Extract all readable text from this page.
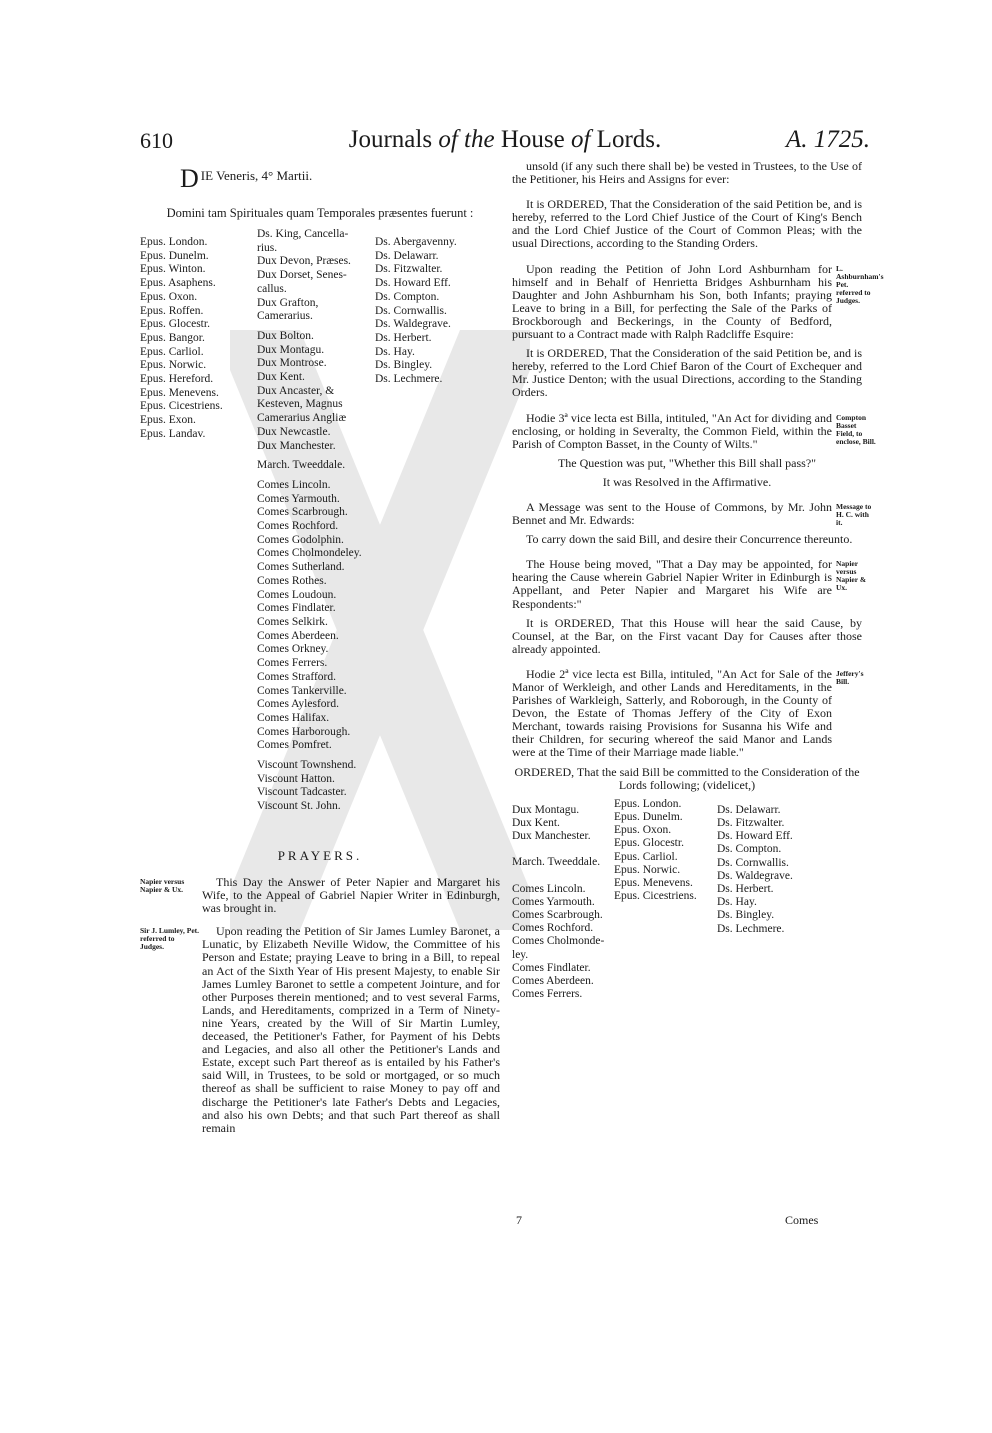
610	Journals of the House of Lords.	A. 1725.
D IE Veneris, 4° Martii.
Domini tam Spirituales quam Temporales præsentes fuerunt :
Epus. London.
Epus. Dunelm.
Epus. Winton.
Epus. Asaphens.
Epus. Oxon.
Epus. Roffen.
Epus. Glocestr.
Epus. Bangor.
Epus. Carliol.
Epus. Norwic.
Epus. Hereford.
Epus. Menevens.
Epus. Cicestriens.
Epus. Exon.
Epus. Landav.
Ds. King, Cancella-
rius.
Dux Devon, Præses.
Dux Dorset, Senes-
callus.
Dux Grafton,
Camerarius.
Dux Bolton.
Dux Montagu.
Dux Montrose.
Dux Kent.
Dux Ancaster, &
Kesteven, Magnus
Camerarius Angliæ
Dux Newcastle.
Dux Manchester.
March. Tweeddale.
Comes Lincoln.
Comes Yarmouth.
Comes Scarbrough.
Comes Rochford.
Comes Godolphin.
Comes Cholmondeley.
Comes Sutherland.
Comes Rothes.
Comes Loudoun.
Comes Findlater.
Comes Selkirk.
Comes Aberdeen.
Comes Orkney.
Comes Ferrers.
Comes Strafford.
Comes Tankerville.
Comes Aylesford.
Comes Halifax.
Comes Harborough.
Comes Pomfret.
Viscount Townshend.
Viscount Hatton.
Viscount Tadcaster.
Viscount St. John.
Ds. Abergavenny.
Ds. Delawarr.
Ds. Fitzwalter.
Ds. Howard Eff.
Ds. Compton.
Ds. Cornwallis.
Ds. Waldegrave.
Ds. Herbert.
Ds. Hay.
Ds. Bingley.
Ds. Lechmere.
PRAYERS.
Napier versus Napier & Ux.
This Day the Answer of Peter Napier and Margaret his Wife, to the Appeal of Gabriel Napier Writer in Edinburgh, was brought in.
Sir J. Lumley, Pet. referred to Judges.
Upon reading the Petition of Sir James Lumley Baronet, a Lunatic, by Elizabeth Neville Widow, the Committee of his Person and Estate; praying Leave to bring in a Bill, to repeal an Act of the Sixth Year of His present Majesty, to enable Sir James Lumley Baronet to settle a competent Jointure, and for other Purposes therein mentioned; and to vest several Farms, Lands, and Hereditaments, comprized in a Term of Ninety-nine Years, created by the Will of Sir Martin Lumley, deceased, the Petitioner's Father, for Payment of his Debts and Legacies, and also all other the Petitioner's Lands and Estate, except such Part thereof as is entailed by his Father's said Will, in Trustees, to be sold or mortgaged, or so much thereof as shall be sufficient to raise Money to pay off and discharge the Petitioner's late Father's Debts and Legacies, and also his own Debts; and that such Part thereof as shall remain
unsold (if any such there shall be) be vested in Trustees, to the Use of the Petitioner, his Heirs and Assigns for ever:
It is ORDERED, That the Consideration of the said Petition be, and is hereby, referred to the Lord Chief Justice of the Court of King's Bench and the Lord Chief Justice of the Court of Common Pleas; with the usual Directions, according to the Standing Orders.
L. Ashburnham's Pet. referred to Judges.
Upon reading the Petition of John Lord Ashburnham for himself and in Behalf of Henrietta Bridges Ashburnham his Daughter and John Ashburnham his Son, both Infants; praying Leave to bring in a Bill, for perfecting the Sale of the Parks of Brockborough and Beckerings, in the County of Bedford, pursuant to a Contract made with Ralph Radcliffe Esquire:
It is ORDERED, That the Consideration of the said Petition be, and is hereby, referred to the Lord Chief Baron of the Court of Exchequer and Mr. Justice Denton; with the usual Directions, according to the Standing Orders.
Compton Basset Field, to enclose, Bill.
Hodie 3ª vice lecta est Billa, intituled, "An Act for dividing and enclosing, or holding in Severalty, the Common Field, within the Parish of Compton Basset, in the County of Wilts."
The Question was put, "Whether this Bill shall pass?"
It was Resolved in the Affirmative.
Message to H. C. with it.
A Message was sent to the House of Commons, by Mr. John Bennet and Mr. Edwards:
To carry down the said Bill, and desire their Concurrence thereunto.
Napier versus Napier & Ux.
The House being moved, "That a Day may be appointed, for hearing the Cause wherein Gabriel Napier Writer in Edinburgh is Appellant, and Peter Napier and Margaret his Wife are Respondents:"
It is ORDERED, That this House will hear the said Cause, by Counsel, at the Bar, on the First vacant Day for Causes after those already appointed.
Jeffery's Bill.
Hodie 2ª vice lecta est Billa, intituled, "An Act for Sale of the Manor of Werkleigh, and other Lands and Hereditaments, in the Parishes of Warkleigh, Satterly, and Roborough, in the County of Devon, the Estate of Thomas Jeffery of the City of Exon Merchant, towards raising Provisions for Susanna his Wife and their Children, for securing whereof the said Manor and Lands were at the Time of their Marriage made liable."
ORDERED, That the said Bill be committed to the Consideration of the Lords following; (videlicet,)
Dux Montagu.
Dux Kent.
Dux Manchester.
March. Tweeddale.
Comes Lincoln.
Comes Yarmouth.
Comes Scarbrough.
Comes Rochford.
Comes Cholmonde-
ley.
Comes Findlater.
Comes Aberdeen.
Comes Ferrers.
Epus. London.
Epus. Dunelm.
Epus. Oxon.
Epus. Glocestr.
Epus. Carliol.
Epus. Norwic.
Epus. Menevens.
Epus. Cicestriens.
Ds. Delawarr.
Ds. Fitzwalter.
Ds. Howard Eff.
Ds. Compton.
Ds. Cornwallis.
Ds. Waldegrave.
Ds. Herbert.
Ds. Hay.
Ds. Bingley.
Ds. Lechmere.
7	Comes
